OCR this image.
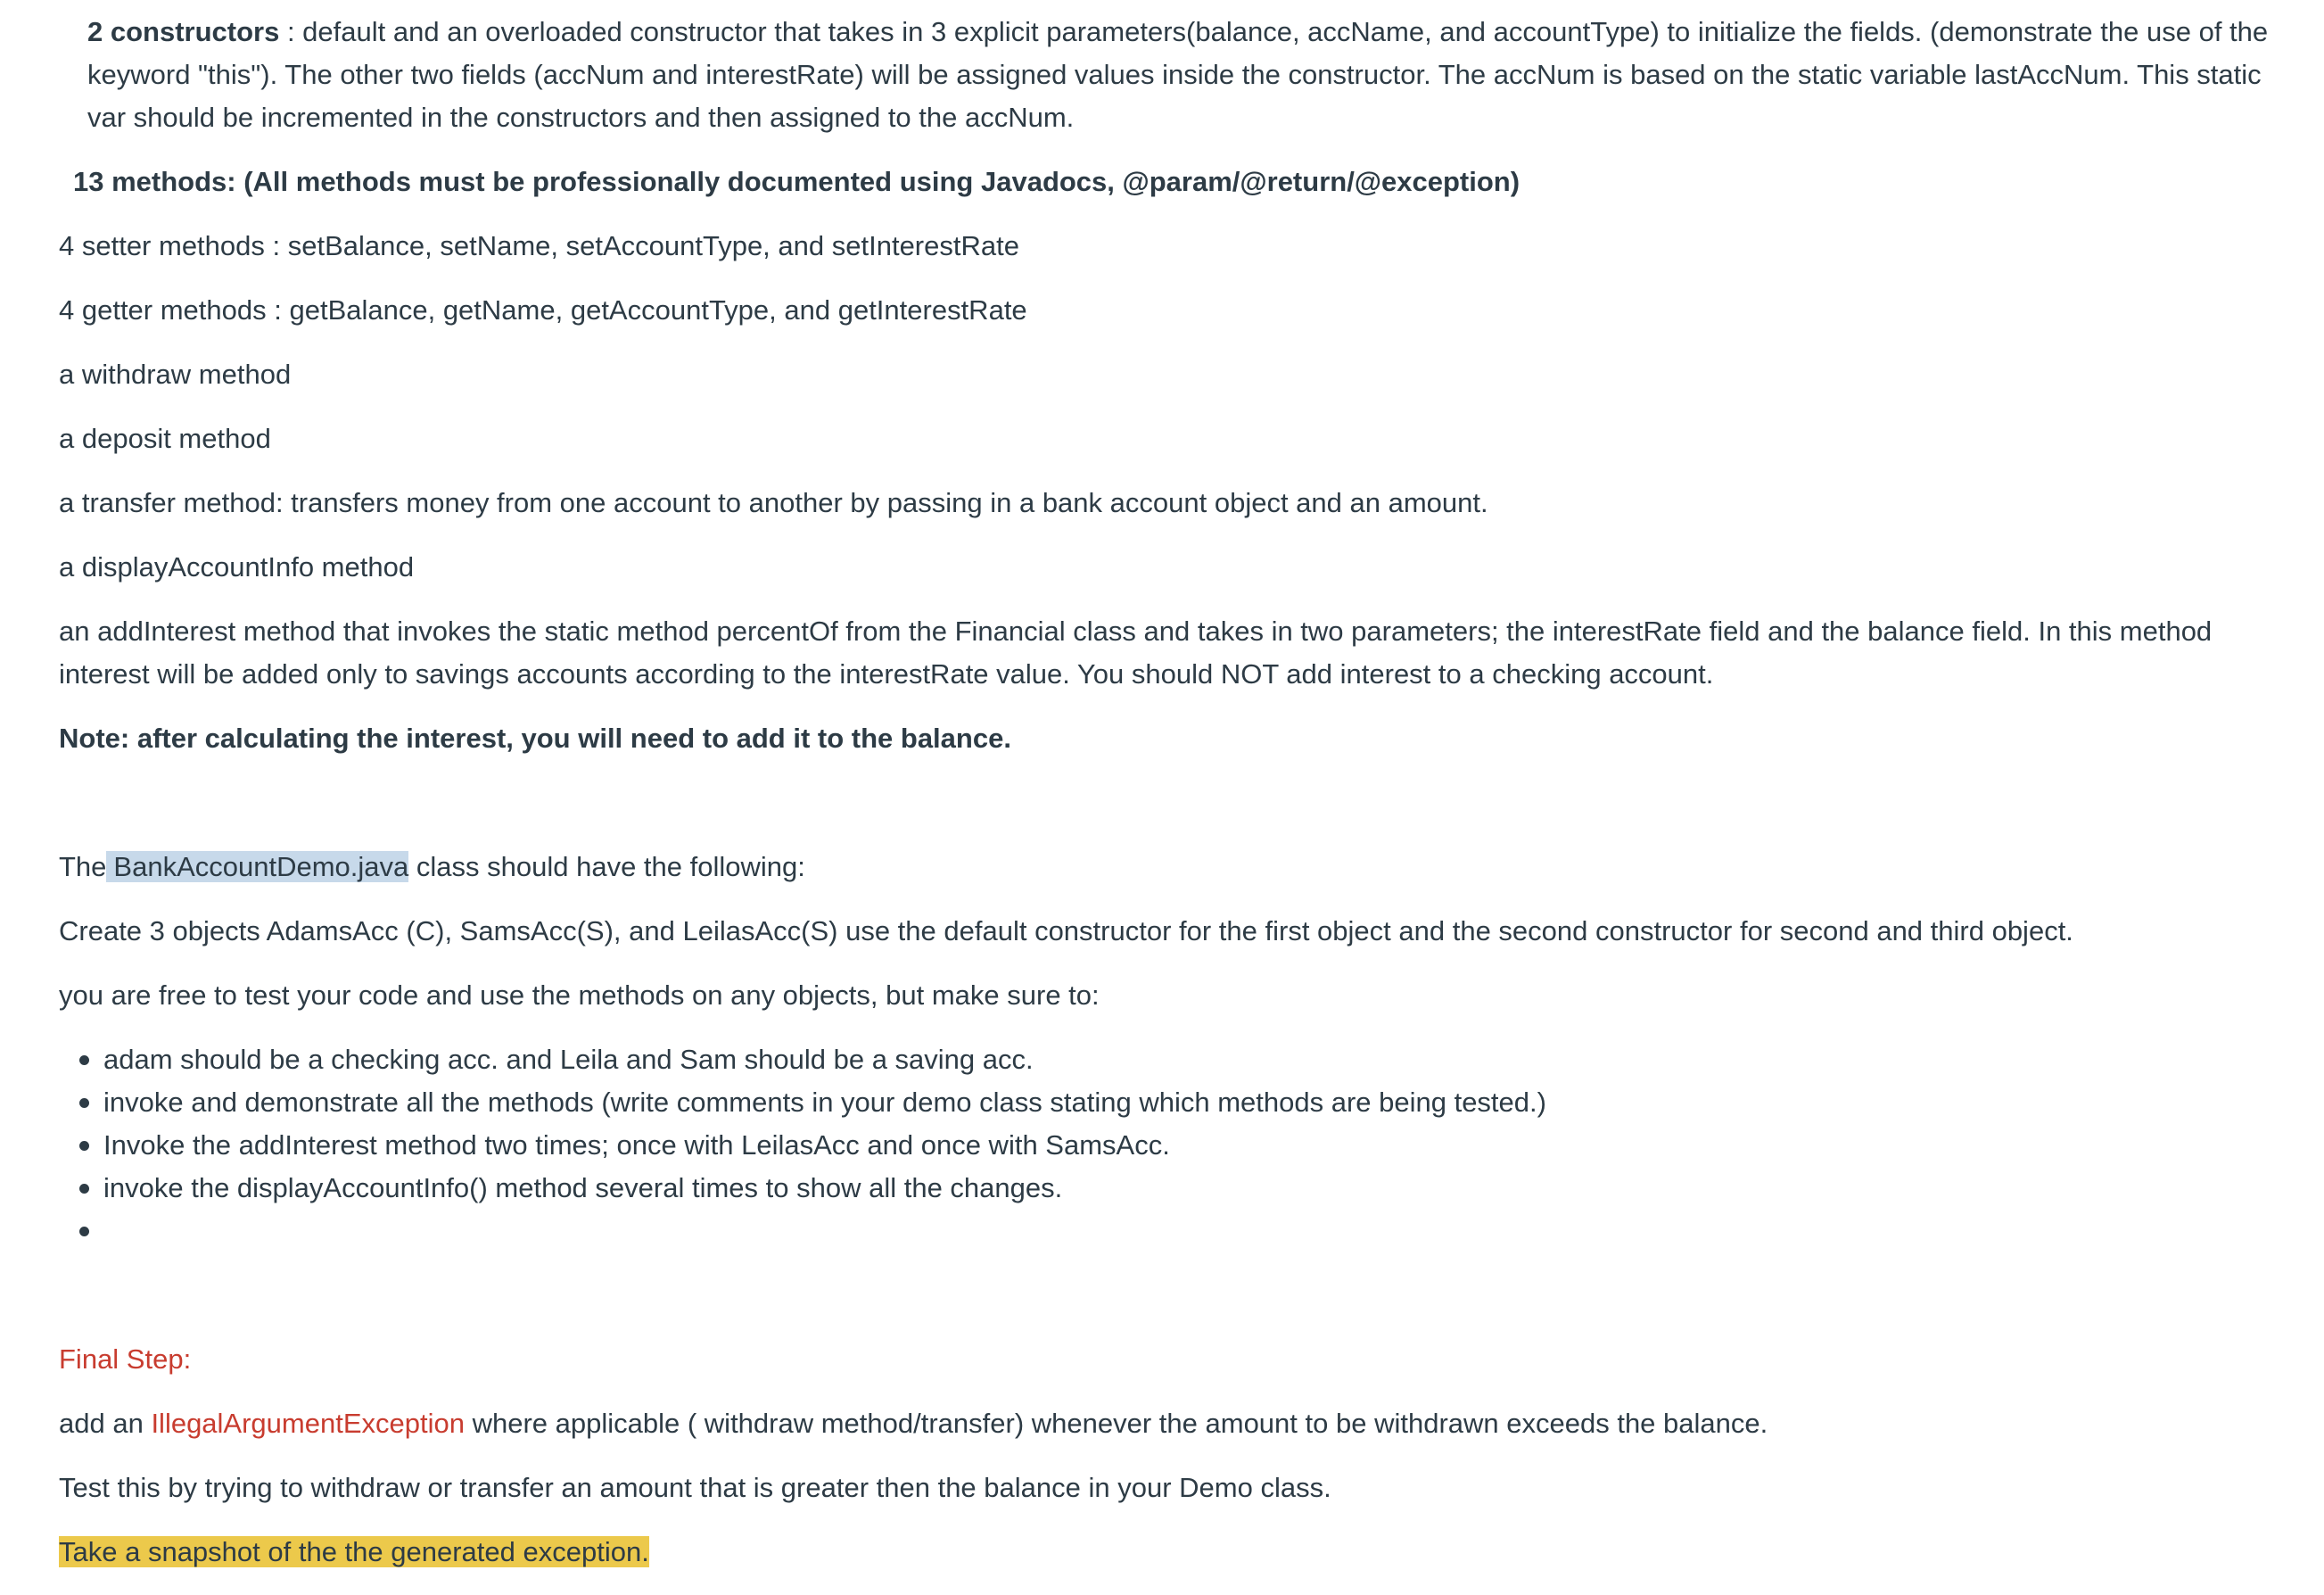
2 constructors : default and an overloaded constructor that takes in 3 explicit parameters(balance, accName, and accountType) to initialize the fields. (demonstrate the use of the keyword "this"). The other two fields (accNum and interestRate) will be assigned values inside the constructor. The accNum is based on the static variable lastAccNum. This static var should be incremented in the constructors and then assigned to the accNum.

13 methods: (All methods must be professionally documented using Javadocs, @param/@return/@exception)

4 setter methods : setBalance, setName, setAccountType, and setInterestRate

4 getter methods : getBalance, getName, getAccountType, and getInterestRate

a withdraw method

a deposit method

a transfer method: transfers money from one account to another by passing in a bank account object and an amount.

a displayAccountInfo method

an addInterest method that invokes the static method percentOf from the Financial class and takes in two parameters; the interestRate field and the balance field. In this method interest will be added only to savings accounts according to the interestRate value. You should NOT add interest to a checking account.

Note: after calculating the interest, you will need to add it to the balance.

The BankAccountDemo.java class should have the following:

Create 3 objects AdamsAcc (C), SamsAcc(S), and LeilasAcc(S) use the default constructor for the first object and the second constructor for second and third object.

you are free to test your code and use the methods on any objects, but make sure to:

adam should be a checking acc. and Leila and Sam should be a saving acc.
invoke and demonstrate all the methods (write comments in your demo class stating which methods are being tested.)
Invoke the addInterest method two times; once with LeilasAcc and once with SamsAcc.
invoke the displayAccountInfo() method several times to show all the changes.

Final Step:

add an IllegalArgumentException where applicable ( withdraw method/transfer) whenever the amount to be withdrawn exceeds the balance.

Test this by trying to withdraw or transfer an amount that is greater then the balance in your Demo class.

Take a snapshot of the the generated exception.
